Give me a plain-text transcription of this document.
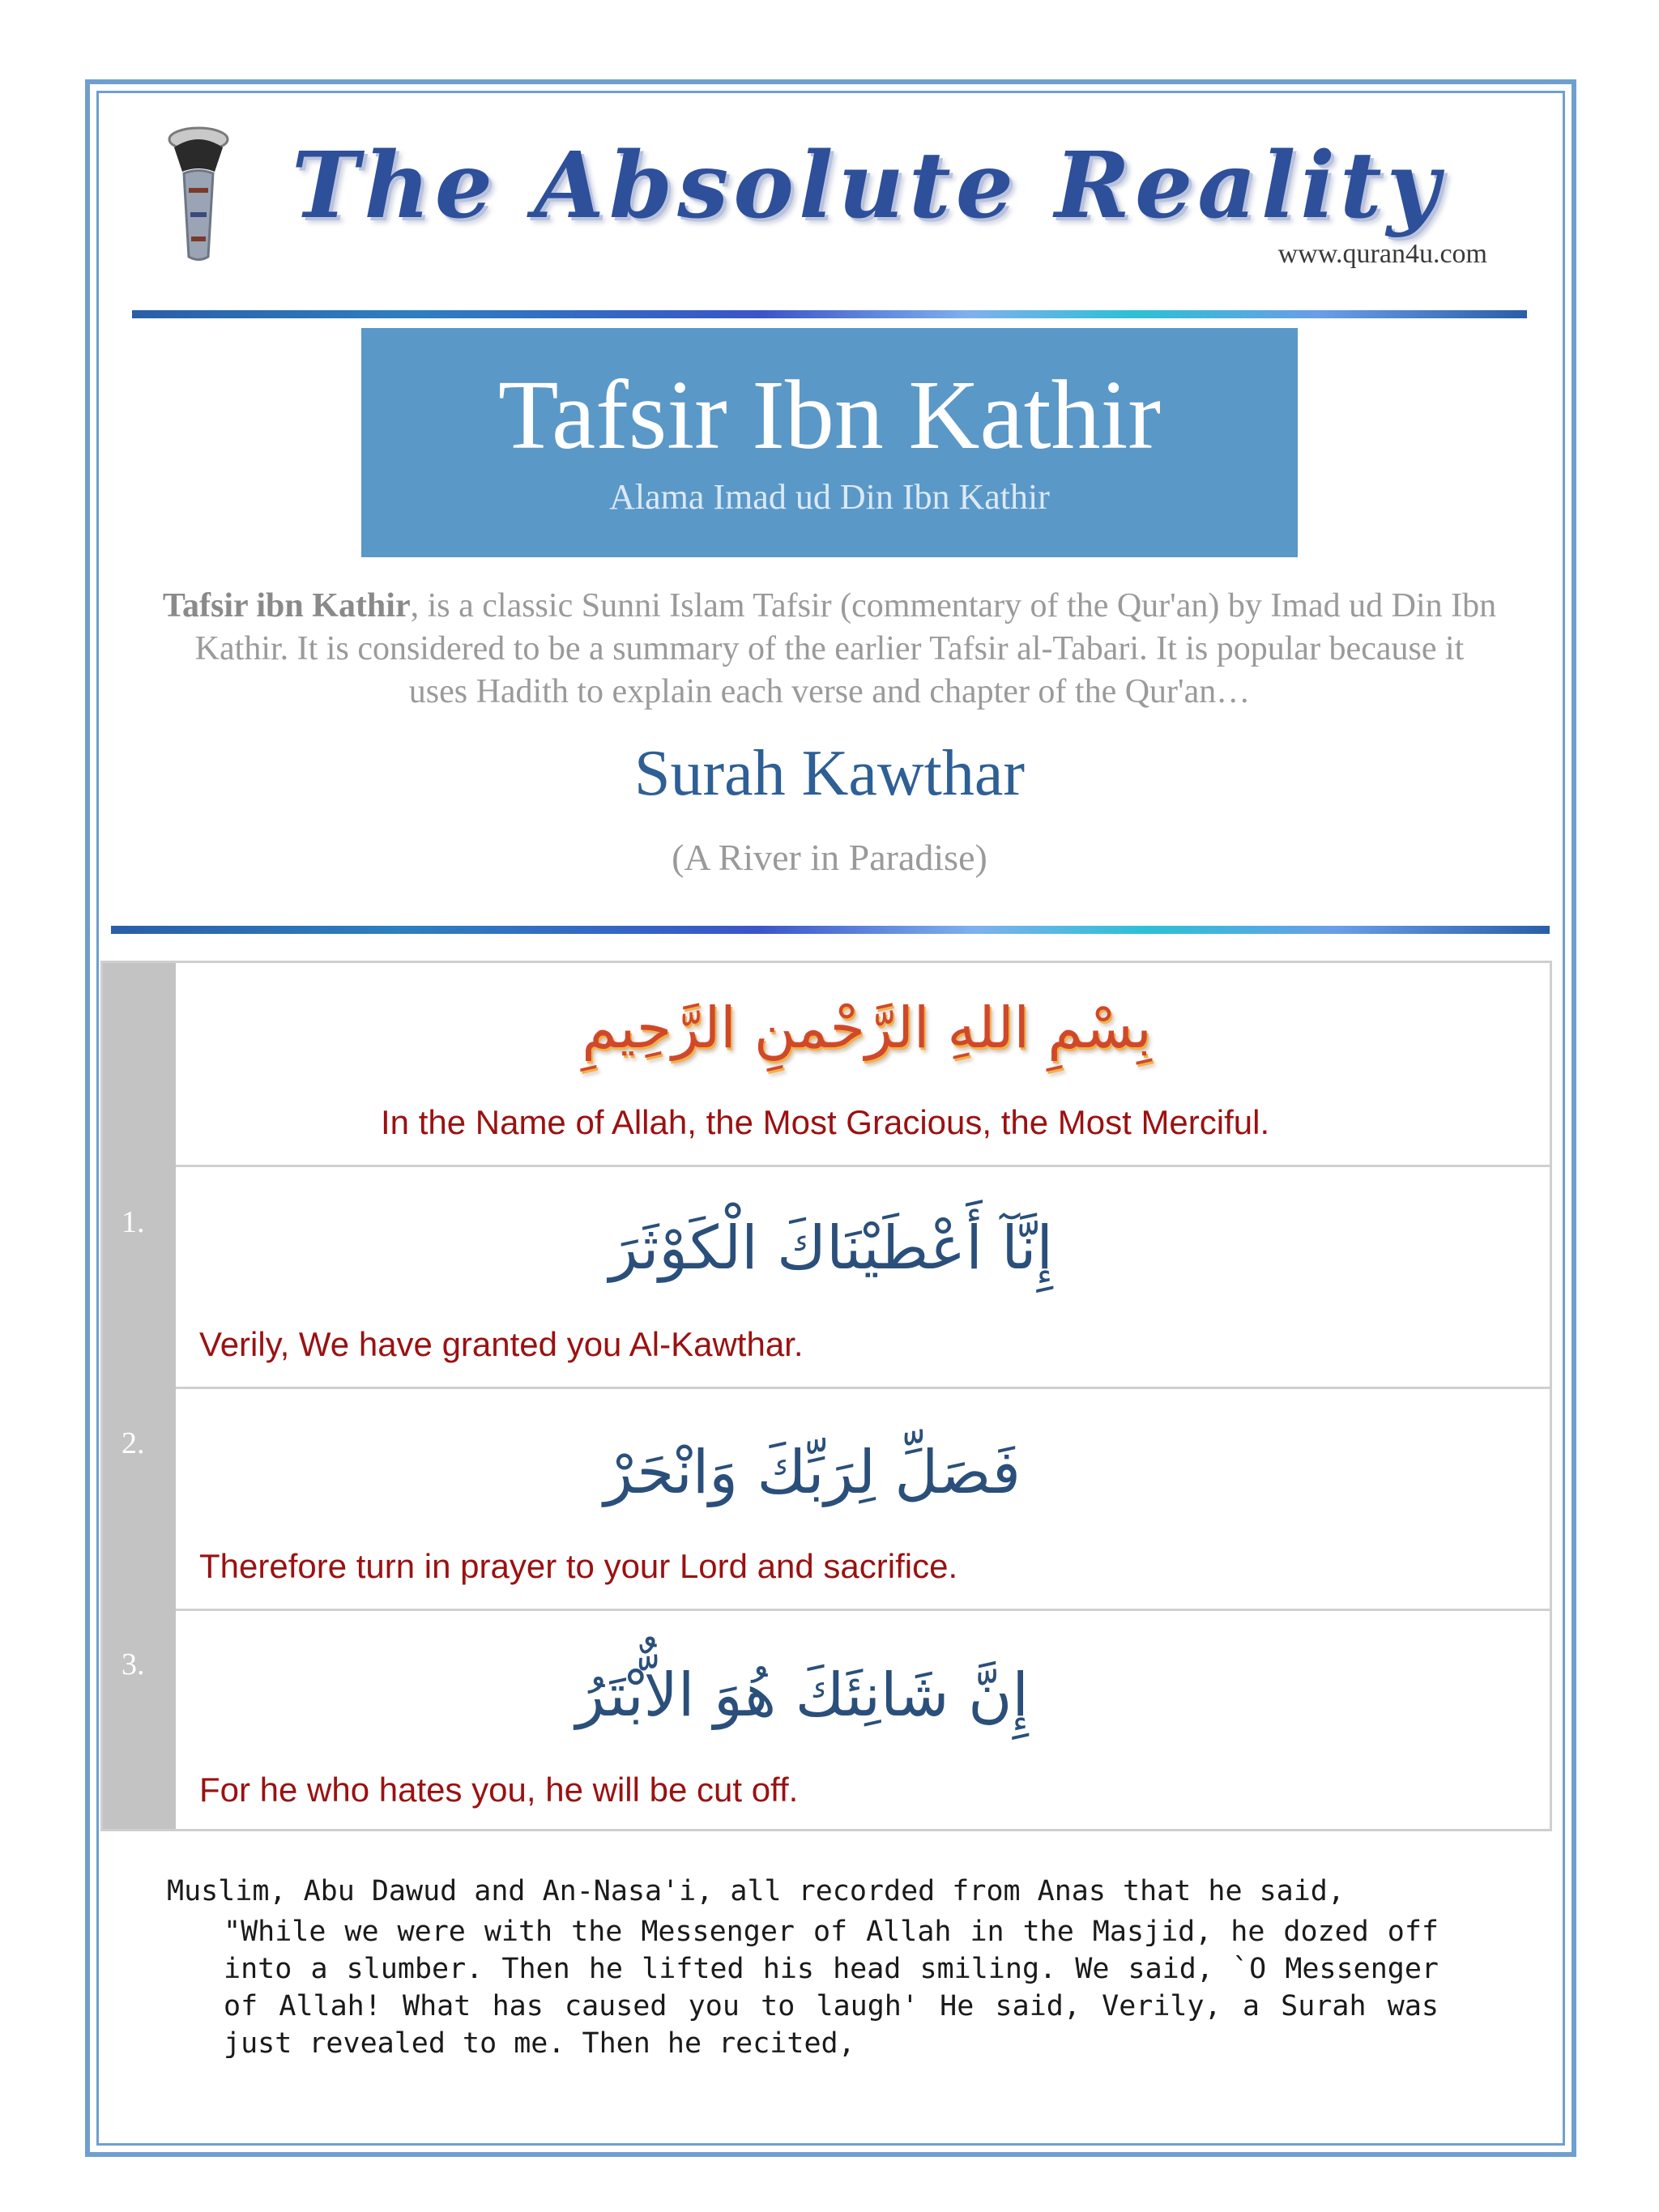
The Absolute Reality
www.quran4u.com
Tafsir Ibn Kathir
Alama Imad ud Din Ibn Kathir
Tafsir ibn Kathir, is a classic Sunni Islam Tafsir (commentary of the Qur'an) by Imad ud Din Ibn Kathir. It is considered to be a summary of the earlier Tafsir al-Tabari. It is popular because it uses Hadith to explain each verse and chapter of the Qur'an…
Surah Kawthar
(A River in Paradise)
بِسْمِ اللهِ الرَّحْمنِ الرَّحِيمِ
In the Name of Allah, the Most Gracious, the Most Merciful.
1.	إِنَّآ أَعْطَيْنَاكَ الْكَوْثَرَ
Verily, We have granted you Al-Kawthar.
2.	فَصَلِّ لِرَبِّكَ وَانْحَرْ
Therefore turn in prayer to your Lord and sacrifice.
3.	إِنَّ شَانِئَكَ هُوَ الاٌّبْتَرُ
For he who hates you, he will be cut off.
Muslim, Abu Dawud and An-Nasa'i, all recorded from Anas that he said,
"While we were with the Messenger of Allah in the Masjid, he dozed off into a slumber. Then he lifted his head smiling. We said, `O Messenger of Allah! What has caused you to laugh' He said, Verily, a Surah was just revealed to me. Then he recited,
